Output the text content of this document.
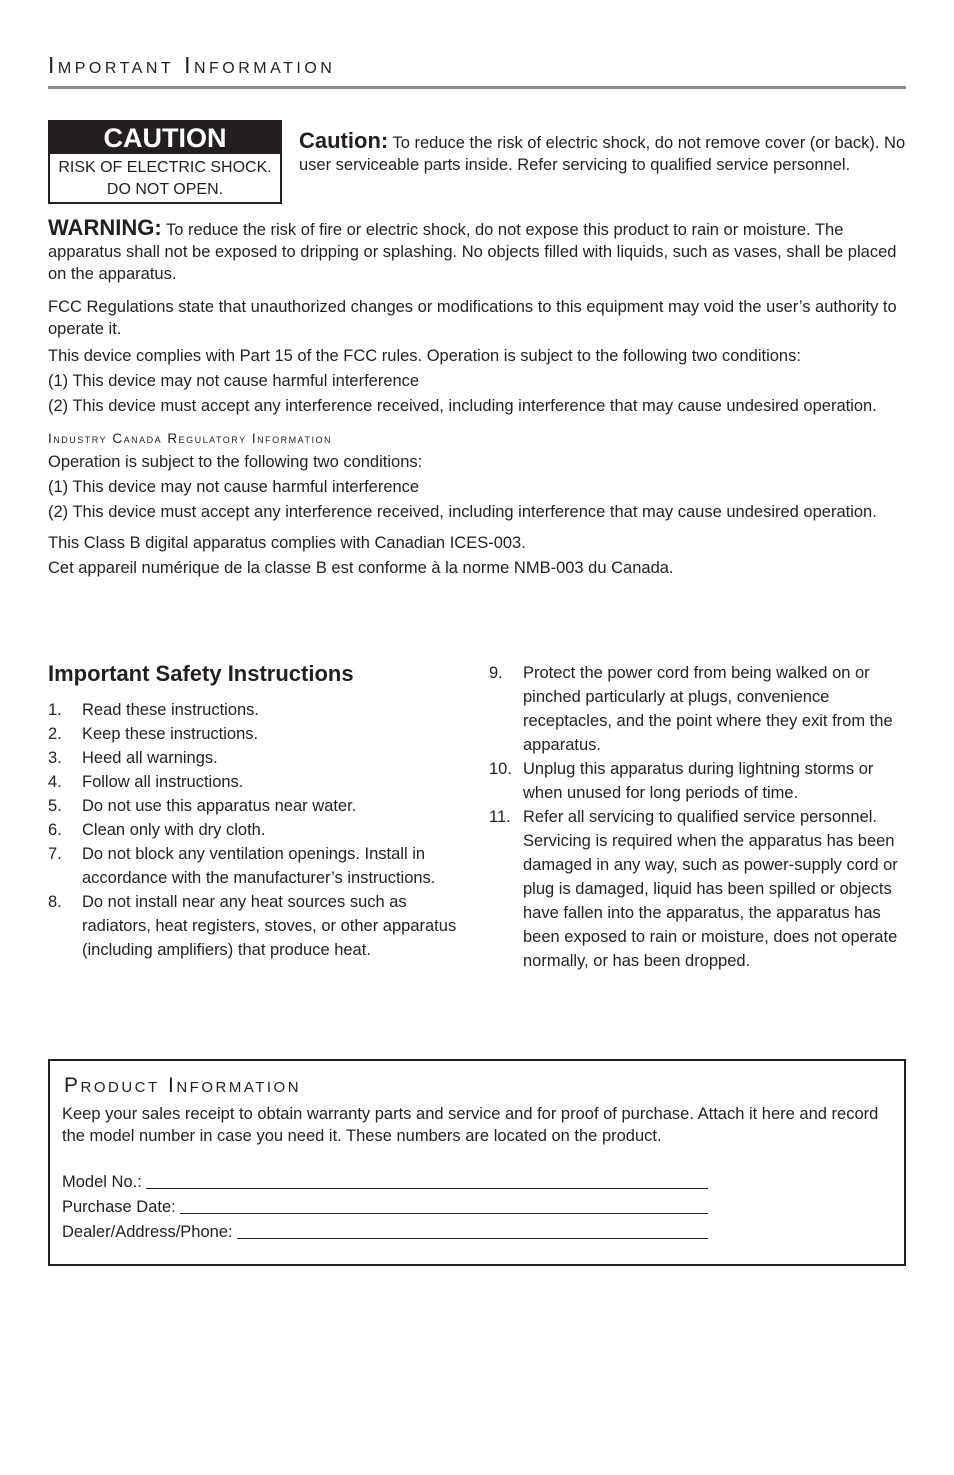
Important Information
CAUTION
RISK OF ELECTRIC SHOCK.
DO NOT OPEN.
Caution: To reduce the risk of electric shock, do not remove cover (or back). No user serviceable parts inside. Refer servicing to qualified service personnel.
WARNING: To reduce the risk of fire or electric shock, do not expose this product to rain or moisture. The apparatus shall not be exposed to dripping or splashing. No objects filled with liquids, such as vases, shall be placed on the apparatus.

FCC Regulations state that unauthorized changes or modifications to this equipment may void the user’s authority to operate it.

This device complies with Part 15 of the FCC rules. Operation is subject to the following two conditions:

(1) This device may not cause harmful interference

(2) This device must accept any interference received, including interference that may cause undesired operation.

Industry Canada Regulatory Information

Operation is subject to the following two conditions:

(1) This device may not cause harmful interference

(2) This device must accept any interference received, including interference that may cause undesired operation.

This Class B digital apparatus complies with Canadian ICES-003.

Cet appareil numérique de la classe B est conforme à la norme NMB-003 du Canada.

Important Safety Instructions
1.	Read these instructions.
2.	Keep these instructions.
3.	Heed all warnings.
4.	Follow all instructions.
5.	Do not use this apparatus near water.
6.	Clean only with dry cloth.
7.	Do not block any ventilation openings. Install in accordance with the manufacturer’s instructions.
8.	Do not install near any heat sources such as radiators, heat registers, stoves, or other apparatus (including amplifiers) that produce heat.
9.	Protect the power cord from being walked on or pinched particularly at plugs, convenience receptacles, and the point where they exit from the apparatus.
10. Unplug this apparatus during lightning storms or when unused for long periods of time.
11. Refer all servicing to qualified service personnel. Servicing is required when the apparatus has been damaged in any way, such as power-supply cord or plug is damaged, liquid has been spilled or objects have fallen into the apparatus, the apparatus has been exposed to rain or moisture, does not operate normally, or has been dropped.
Product Information
Keep your sales receipt to obtain warranty parts and service and for proof of purchase. Attach it here and record the model number in case you need it. These numbers are located on the product.
Model No.:
Purchase Date:
Dealer/Address/Phone:
